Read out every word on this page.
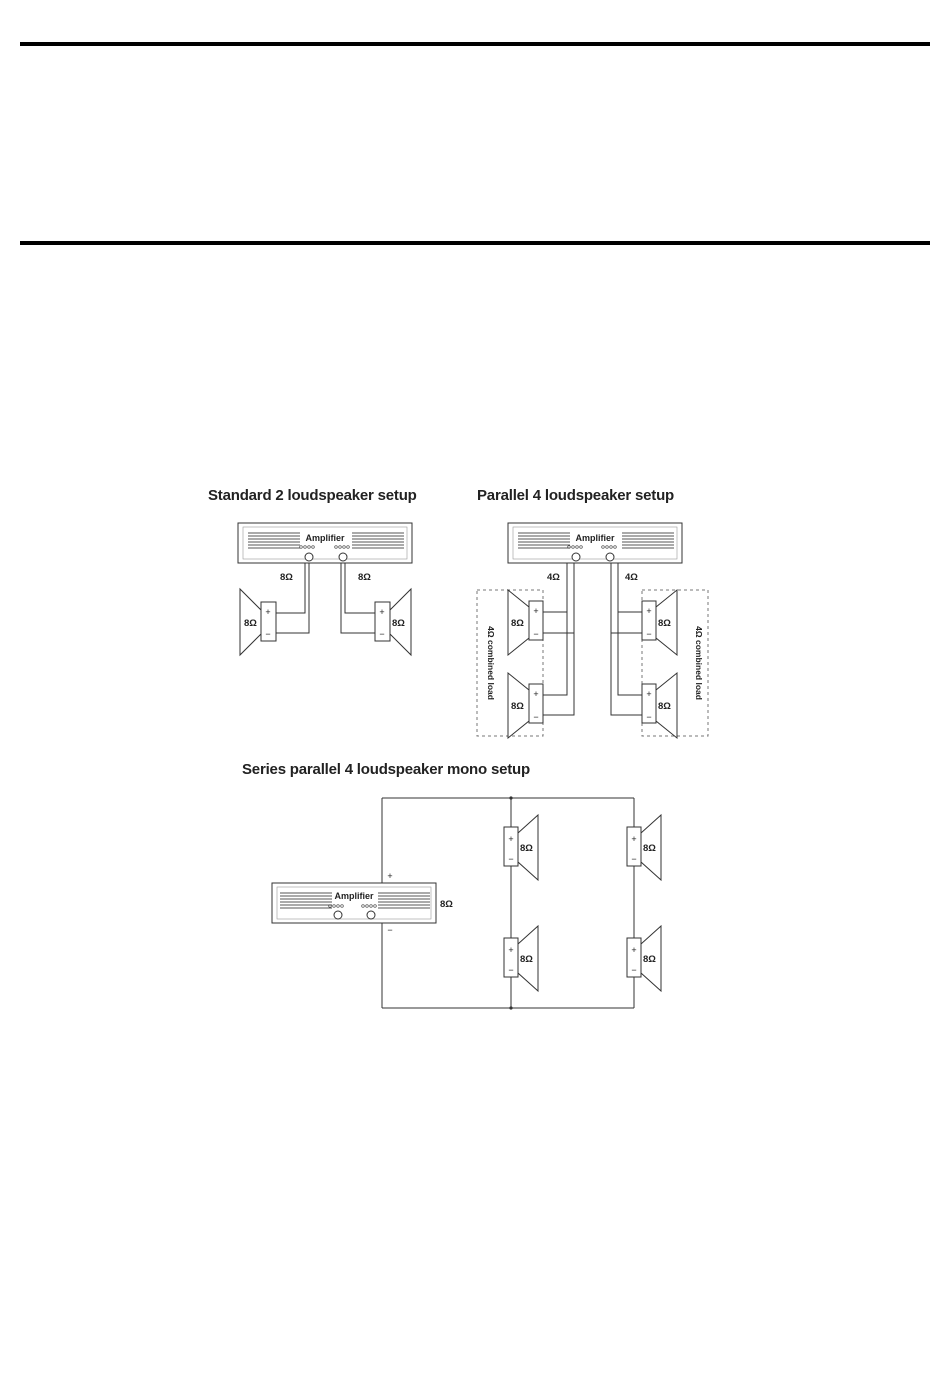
Standard 2 loudspeaker setup	Parallel 4 loudspeaker setup
Series parallel 4 loudspeaker mono setup
Amplifier
8Ω	8Ω
+
−
8Ω
+
−
8Ω
Amplifier
4Ω	4Ω
4Ω combined load	4Ω combined load
+
−
8Ω
+
−
8Ω
+
−
8Ω
+
−
8Ω
+
−
Amplifier
8Ω
+
−
8Ω
+
−
8Ω
+
−
8Ω
+
−
8Ω
